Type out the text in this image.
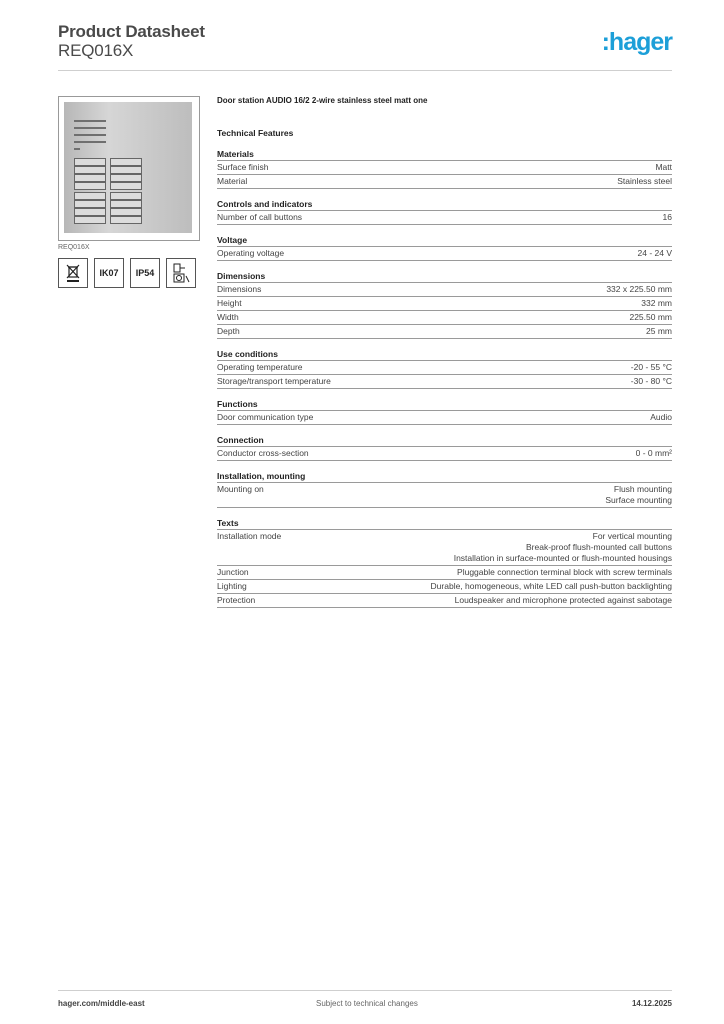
Product Datasheet
REQ016X	:hager
REQ016X
IK07	IP54
Door station AUDIO 16/2 2-wire stainless steel matt one
Technical Features
Materials
Surface finish	Matt
Material	Stainless steel
Controls and indicators
Number of call buttons	16
Voltage
Operating voltage	24 - 24 V
Dimensions
Dimensions	332 x 225.50 mm
Height	332 mm
Width	225.50 mm
Depth	25 mm
Use conditions
Operating temperature	-20 - 55 °C
Storage/transport temperature	-30 - 80 °C
Functions
Door communication type	Audio
Connection
Conductor cross-section	0 - 0 mm²
Installation, mounting
Mounting on	Flush mounting
Surface mounting
Texts
Installation mode	For vertical mounting
Break-proof flush-mounted call buttons
Installation in surface-mounted or flush-mounted housings
Junction	Pluggable connection terminal block with screw terminals
Lighting	Durable, homogeneous, white LED call push-button backlighting
Protection	Loudspeaker and microphone protected against sabotage
hager.com/middle-east	Subject to technical changes	14.12.2025
